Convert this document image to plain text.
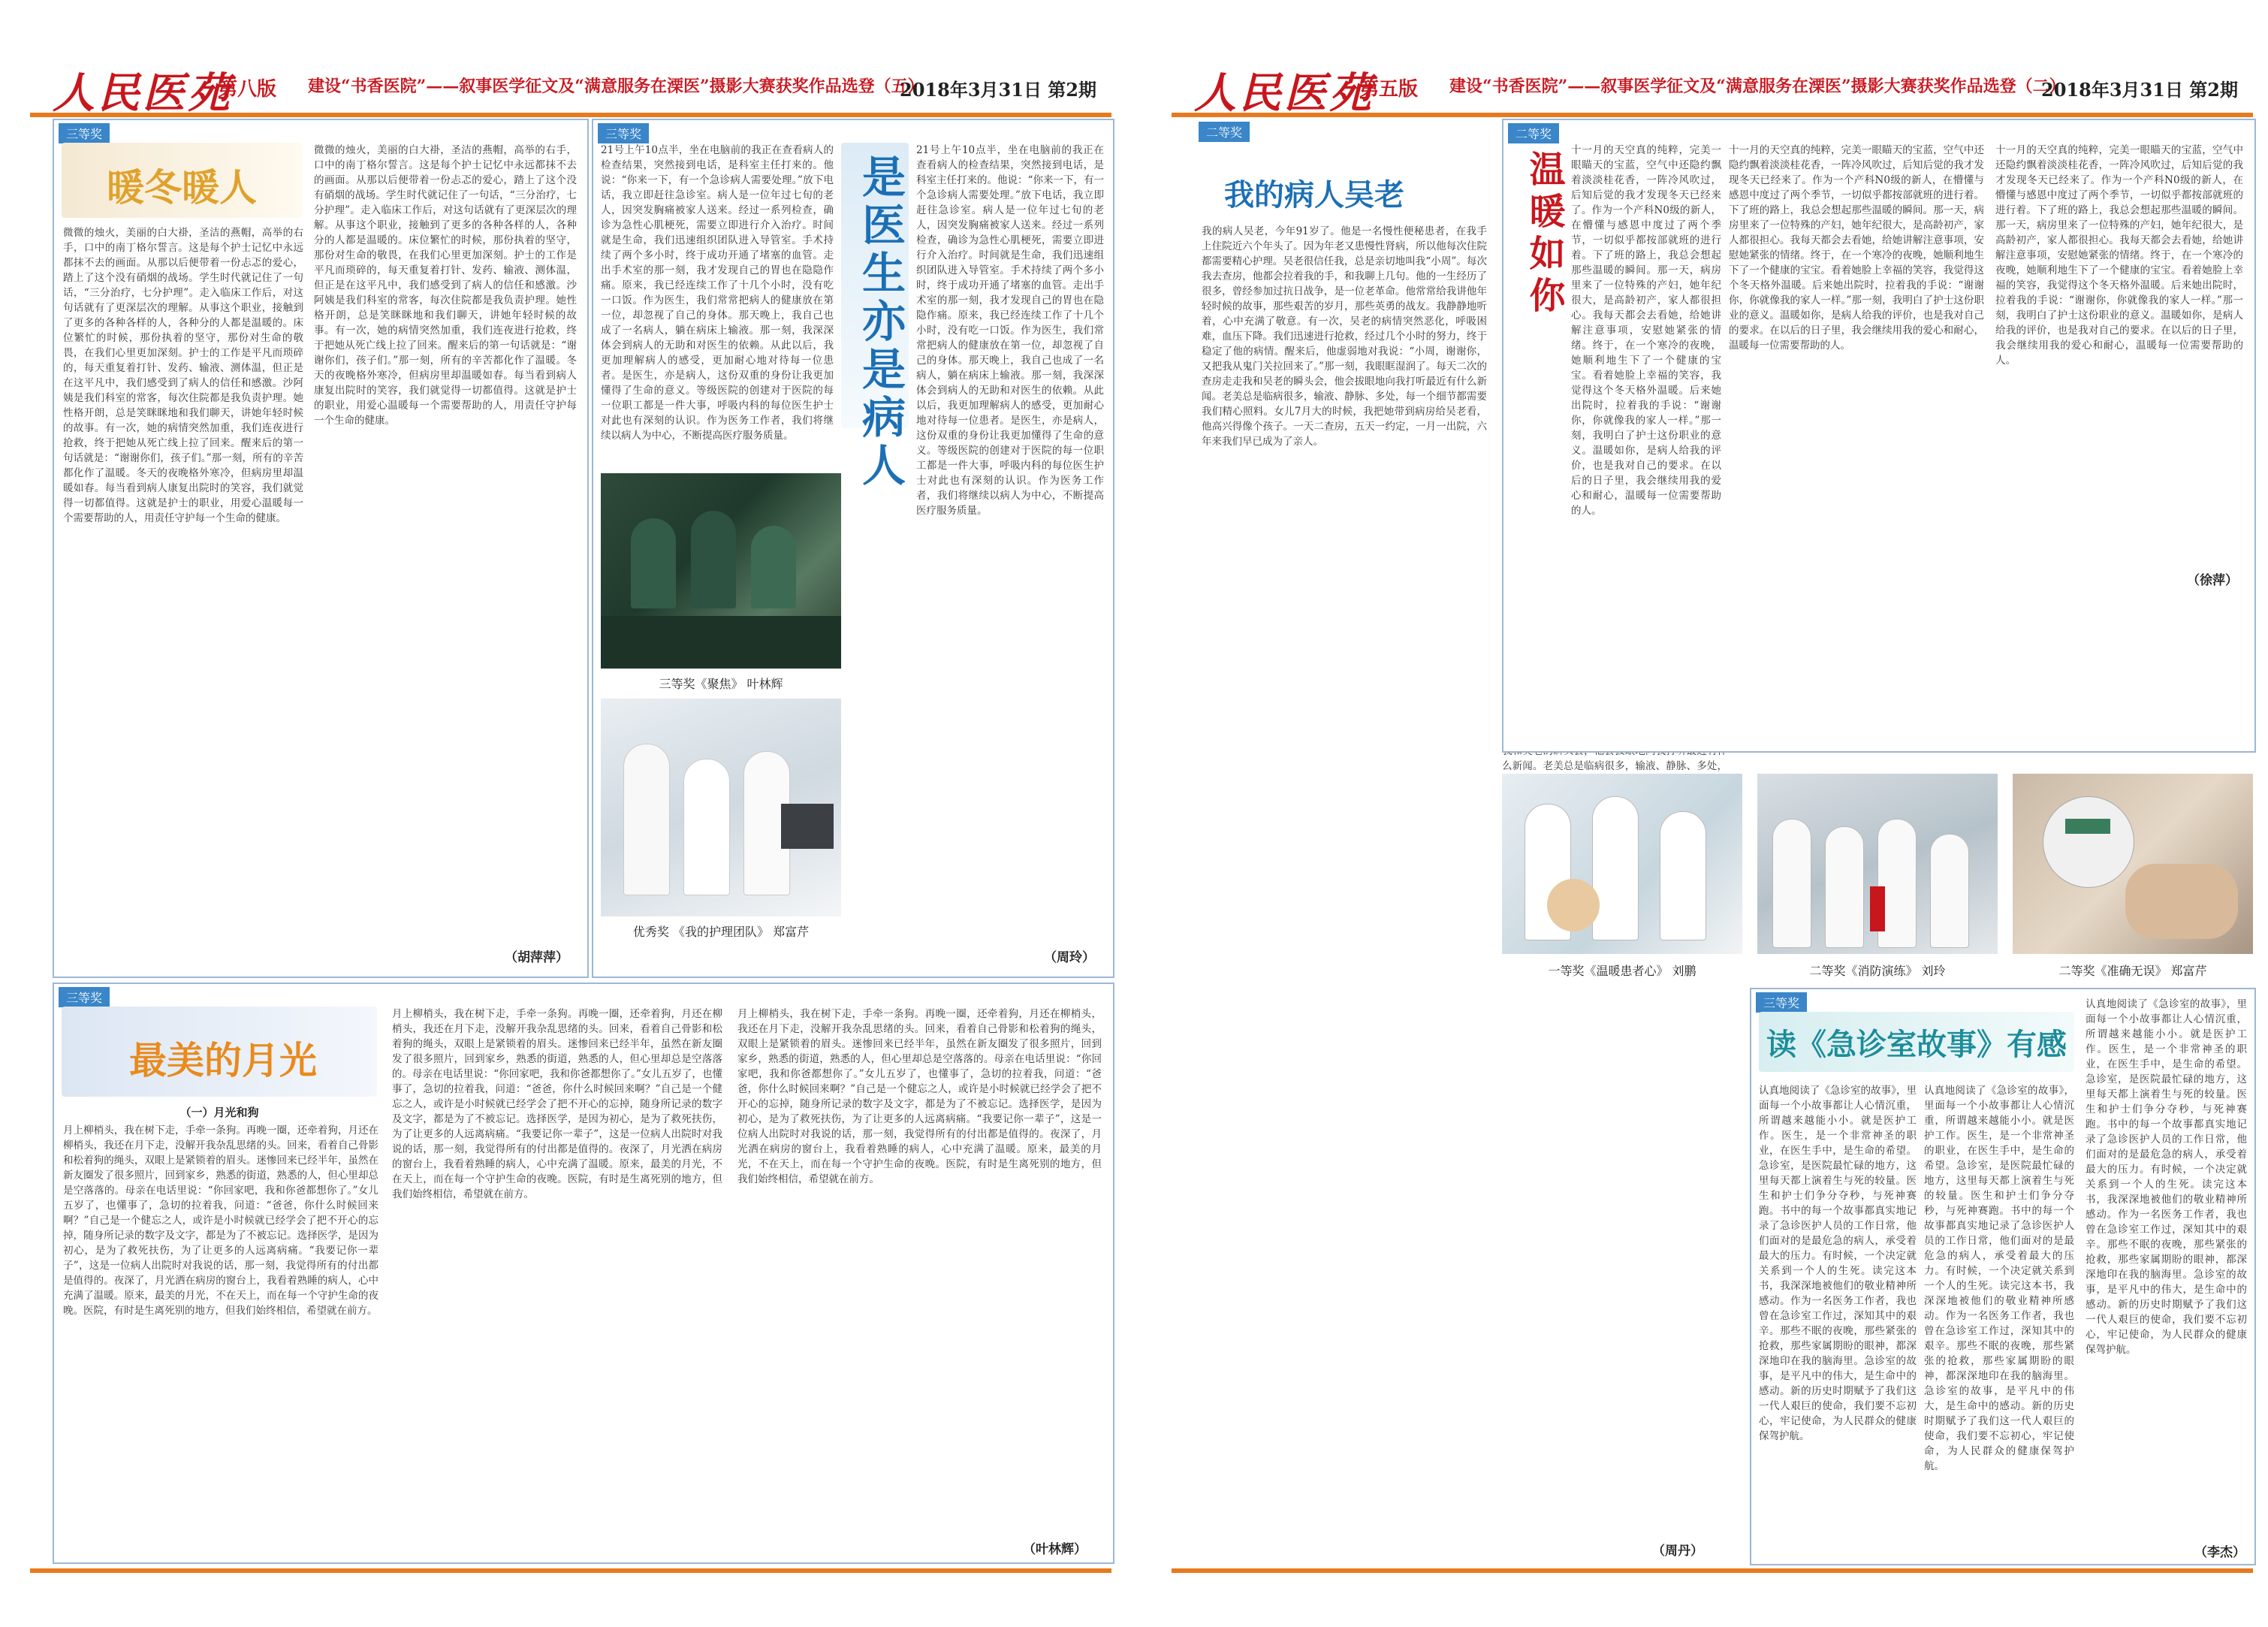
人民医苑
第八版 建设“书香医院”——叙事医学征文及“满意服务在溧医”摄影大赛获奖作品选登（五）
2018年3月31日 第2期
三等奖
暖冬暖人
微微的烛火，美丽的白大褂，圣洁的燕帽，高举的右手，口中的南丁格尔誓言。这是每个护士记忆中永远都抹不去的画面。从那以后便带着一份忐忑的爱心，踏上了这个没有硝烟的战场。学生时代就记住了一句话，“三分治疗，七分护理”。走入临床工作后，对这句话就有了更深层次的理解。从事这个职业，接触到了更多的各种各样的人，各种分的人都是温暖的。床位繁忙的时候，那份执着的坚守，那份对生命的敬畏，在我们心里更加深刻。护士的工作是平凡而琐碎的，每天重复着打针、发药、输液、测体温，但正是在这平凡中，我们感受到了病人的信任和感激。沙阿姨是我们科室的常客，每次住院都是我负责护理。她性格开朗，总是笑眯眯地和我们聊天，讲她年轻时候的故事。有一次，她的病情突然加重，我们连夜进行抢救，终于把她从死亡线上拉了回来。醒来后的第一句话就是：“谢谢你们，孩子们。”那一刻，所有的辛苦都化作了温暖。冬天的夜晚格外寒冷，但病房里却温暖如春。每当看到病人康复出院时的笑容，我们就觉得一切都值得。这就是护士的职业，用爱心温暖每一个需要帮助的人，用责任守护每一个生命的健康。
微微的烛火，美丽的白大褂，圣洁的燕帽，高举的右手，口中的南丁格尔誓言。这是每个护士记忆中永远都抹不去的画面。从那以后便带着一份忐忑的爱心，踏上了这个没有硝烟的战场。学生时代就记住了一句话，“三分治疗，七分护理”。走入临床工作后，对这句话就有了更深层次的理解。从事这个职业，接触到了更多的各种各样的人，各种分的人都是温暖的。床位繁忙的时候，那份执着的坚守，那份对生命的敬畏，在我们心里更加深刻。护士的工作是平凡而琐碎的，每天重复着打针、发药、输液、测体温，但正是在这平凡中，我们感受到了病人的信任和感激。沙阿姨是我们科室的常客，每次住院都是我负责护理。她性格开朗，总是笑眯眯地和我们聊天，讲她年轻时候的故事。有一次，她的病情突然加重，我们连夜进行抢救，终于把她从死亡线上拉了回来。醒来后的第一句话就是：“谢谢你们，孩子们。”那一刻，所有的辛苦都化作了温暖。冬天的夜晚格外寒冷，但病房里却温暖如春。每当看到病人康复出院时的笑容，我们就觉得一切都值得。这就是护士的职业，用爱心温暖每一个需要帮助的人，用责任守护每一个生命的健康。
（胡萍萍）
三等奖
是医生亦是病人
21号上午10点半，坐在电脑前的我正在查看病人的检查结果，突然接到电话，是科室主任打来的。他说：“你来一下，有一个急诊病人需要处理。”放下电话，我立即赶往急诊室。病人是一位年过七旬的老人，因突发胸痛被家人送来。经过一系列检查，确诊为急性心肌梗死，需要立即进行介入治疗。时间就是生命，我们迅速组织团队进入导管室。手术持续了两个多小时，终于成功开通了堵塞的血管。走出手术室的那一刻，我才发现自己的胃也在隐隐作痛。原来，我已经连续工作了十几个小时，没有吃一口饭。作为医生，我们常常把病人的健康放在第一位，却忽视了自己的身体。那天晚上，我自己也成了一名病人，躺在病床上输液。那一刻，我深深体会到病人的无助和对医生的依赖。从此以后，我更加理解病人的感受，更加耐心地对待每一位患者。是医生，亦是病人，这份双重的身份让我更加懂得了生命的意义。等级医院的创建对于医院的每一位职工都是一件大事，呼吸内科的每位医生护士对此也有深刻的认识。作为医务工作者，我们将继续以病人为中心，不断提高医疗服务质量。
21号上午10点半，坐在电脑前的我正在查看病人的检查结果，突然接到电话，是科室主任打来的。他说：“你来一下，有一个急诊病人需要处理。”放下电话，我立即赶往急诊室。病人是一位年过七旬的老人，因突发胸痛被家人送来。经过一系列检查，确诊为急性心肌梗死，需要立即进行介入治疗。时间就是生命，我们迅速组织团队进入导管室。手术持续了两个多小时，终于成功开通了堵塞的血管。走出手术室的那一刻，我才发现自己的胃也在隐隐作痛。原来，我已经连续工作了十几个小时，没有吃一口饭。作为医生，我们常常把病人的健康放在第一位，却忽视了自己的身体。那天晚上，我自己也成了一名病人，躺在病床上输液。那一刻，我深深体会到病人的无助和对医生的依赖。从此以后，我更加理解病人的感受，更加耐心地对待每一位患者。是医生，亦是病人，这份双重的身份让我更加懂得了生命的意义。等级医院的创建对于医院的每一位职工都是一件大事，呼吸内科的每位医生护士对此也有深刻的认识。作为医务工作者，我们将继续以病人为中心，不断提高医疗服务质量。
三等奖《聚焦》 叶林辉
优秀奖 《我的护理团队》 郑富芹
（周玲）
三等奖
最美的月光
（一）月光和狗
月上柳梢头，我在树下走，手牵一条狗。再晚一圈，还牵着狗，月还在柳梢头，我还在月下走，没解开我杂乱思绪的头。回来，看着自己骨影和松着狗的绳头，双眼上是紧锁着的眉头。迷惨回来已经半年，虽然在新友圈发了很多照片，回到家乡，熟悉的街道，熟悉的人，但心里却总是空落落的。母亲在电话里说：“你回家吧，我和你爸都想你了。”女儿五岁了，也懂事了，急切的拉着我，问道：“爸爸，你什么时候回来啊？”自己是一个健忘之人，或许是小时候就已经学会了把不开心的忘掉，随身所记录的数字及文字，都是为了不被忘记。选择医学，是因为初心，是为了救死扶伤，为了让更多的人远离病痛。“我要记你一辈子”，这是一位病人出院时对我说的话，那一刻，我觉得所有的付出都是值得的。夜深了，月光洒在病房的窗台上，我看着熟睡的病人，心中充满了温暖。原来，最美的月光，不在天上，而在每一个守护生命的夜晚。医院，有时是生离死别的地方，但我们始终相信，希望就在前方。
月上柳梢头，我在树下走，手牵一条狗。再晚一圈，还牵着狗，月还在柳梢头，我还在月下走，没解开我杂乱思绪的头。回来，看着自己骨影和松着狗的绳头，双眼上是紧锁着的眉头。迷惨回来已经半年，虽然在新友圈发了很多照片，回到家乡，熟悉的街道，熟悉的人，但心里却总是空落落的。母亲在电话里说：“你回家吧，我和你爸都想你了。”女儿五岁了，也懂事了，急切的拉着我，问道：“爸爸，你什么时候回来啊？”自己是一个健忘之人，或许是小时候就已经学会了把不开心的忘掉，随身所记录的数字及文字，都是为了不被忘记。选择医学，是因为初心，是为了救死扶伤，为了让更多的人远离病痛。“我要记你一辈子”，这是一位病人出院时对我说的话，那一刻，我觉得所有的付出都是值得的。夜深了，月光洒在病房的窗台上，我看着熟睡的病人，心中充满了温暖。原来，最美的月光，不在天上，而在每一个守护生命的夜晚。医院，有时是生离死别的地方，但我们始终相信，希望就在前方。
月上柳梢头，我在树下走，手牵一条狗。再晚一圈，还牵着狗，月还在柳梢头，我还在月下走，没解开我杂乱思绪的头。回来，看着自己骨影和松着狗的绳头，双眼上是紧锁着的眉头。迷惨回来已经半年，虽然在新友圈发了很多照片，回到家乡，熟悉的街道，熟悉的人，但心里却总是空落落的。母亲在电话里说：“你回家吧，我和你爸都想你了。”女儿五岁了，也懂事了，急切的拉着我，问道：“爸爸，你什么时候回来啊？”自己是一个健忘之人，或许是小时候就已经学会了把不开心的忘掉，随身所记录的数字及文字，都是为了不被忘记。选择医学，是因为初心，是为了救死扶伤，为了让更多的人远离病痛。“我要记你一辈子”，这是一位病人出院时对我说的话，那一刻，我觉得所有的付出都是值得的。夜深了，月光洒在病房的窗台上，我看着熟睡的病人，心中充满了温暖。原来，最美的月光，不在天上，而在每一个守护生命的夜晚。医院，有时是生离死别的地方，但我们始终相信，希望就在前方。
（叶林辉）
人民医苑
第五版 建设“书香医院”——叙事医学征文及“满意服务在溧医”摄影大赛获奖作品选登（二）
2018年3月31日 第2期
二等奖
我的病人吴老
我的病人吴老，今年91岁了。他是一名慢性便秘患者，在我手上住院近六个年头了。因为年老又患慢性肾病，所以他每次住院都需要精心护理。吴老很信任我，总是亲切地叫我“小周”。每次我去查房，他都会拉着我的手，和我聊上几句。他的一生经历了很多，曾经参加过抗日战争，是一位老革命。他常常给我讲他年轻时候的故事，那些艰苦的岁月，那些英勇的战友。我静静地听着，心中充满了敬意。有一次，吴老的病情突然恶化，呼吸困难，血压下降。我们迅速进行抢救，经过几个小时的努力，终于稳定了他的病情。醒来后，他虚弱地对我说：“小周，谢谢你，又把我从鬼门关拉回来了。”那一刻，我眼眶湿润了。每天二次的查房走走我和吴老的瞬头会，他会拔眼地向我打听最近有什么新闻。老美总是临病很多，输液、静脉、多处，每一个细节都需要我们精心照料。女儿7月大的时候，我把她带到病房给吴老看，他高兴得像个孩子。一天二查房，五天一约定，一月一出院，六年来我们早已成为了亲人。
么新闻。老美总是临病很多，输液、静脉、多处，
（周丹）
二等奖
温暖如你 十一月的天空真的纯粹，完美一眼瞄天的宝蓝，空气中还隐约飘着淡淡桂花香，一阵冷风吹过，后知后觉的我才发现冬天已经来了。作为一个产科N0级的新人，在懵懂与感恩中度过了两个季节，一切似乎都按部就班的进行着。下了班的路上，我总会想起那些温暖的瞬间。那一天，病房里来了一位特殊的产妇，她年纪很大，是高龄初产，家人都很担心。我每天都会去看她，给她讲解注意事项，安慰她紧张的情绪。终于，在一个寒冷的夜晚，她顺利地生下了一个健康的宝宝。看着她脸上幸福的笑容，我觉得这个冬天格外温暖。后来她出院时，拉着我的手说：“谢谢你，你就像我的家人一样。”那一刻，我明白了护士这份职业的意义。温暖如你，是病人给我的评价，也是我对自己的要求。在以后的日子里，我会继续用我的爱心和耐心，温暖每一位需要帮助的人。
十一月的天空真的纯粹，完美一眼瞄天的宝蓝，空气中还隐约飘着淡淡桂花香，一阵冷风吹过，后知后觉的我才发现冬天已经来了。作为一个产科N0级的新人，在懵懂与感恩中度过了两个季节，一切似乎都按部就班的进行着。下了班的路上，我总会想起那些温暖的瞬间。那一天，病房里来了一位特殊的产妇，她年纪很大，是高龄初产，家人都很担心。我每天都会去看她，给她讲解注意事项，安慰她紧张的情绪。终于，在一个寒冷的夜晚，她顺利地生下了一个健康的宝宝。看着她脸上幸福的笑容，我觉得这个冬天格外温暖。后来她出院时，拉着我的手说：“谢谢你，你就像我的家人一样。”那一刻，我明白了护士这份职业的意义。温暖如你，是病人给我的评价，也是我对自己的要求。在以后的日子里，我会继续用我的爱心和耐心，温暖每一位需要帮助的人。
十一月的天空真的纯粹，完美一眼瞄天的宝蓝，空气中还隐约飘着淡淡桂花香，一阵冷风吹过，后知后觉的我才发现冬天已经来了。作为一个产科N0级的新人，在懵懂与感恩中度过了两个季节，一切似乎都按部就班的进行着。下了班的路上，我总会想起那些温暖的瞬间。那一天，病房里来了一位特殊的产妇，她年纪很大，是高龄初产，家人都很担心。我每天都会去看她，给她讲解注意事项，安慰她紧张的情绪。终于，在一个寒冷的夜晚，她顺利地生下了一个健康的宝宝。看着她脸上幸福的笑容，我觉得这个冬天格外温暖。后来她出院时，拉着我的手说：“谢谢你，你就像我的家人一样。”那一刻，我明白了护士这份职业的意义。温暖如你，是病人给我的评价，也是我对自己的要求。在以后的日子里，我会继续用我的爱心和耐心，温暖每一位需要帮助的人。
（徐萍）
一等奖《温暖患者心》 刘鹏	二等奖《消防演练》 刘玲	二等奖《准确无误》 郑富芹
三等奖
读《急诊室故事》有感
认真地阅读了《急诊室的故事》，里面每一个小故事都让人心情沉重，所谓越来越能小小。就是医护工作。医生，是一个非常神圣的职业，在医生手中，是生命的希望。急诊室，是医院最忙碌的地方，这里每天都上演着生与死的较量。医生和护士们争分夺秒，与死神赛跑。书中的每一个故事都真实地记录了急诊医护人员的工作日常，他们面对的是最危急的病人，承受着最大的压力。有时候，一个决定就关系到一个人的生死。读完这本书，我深深地被他们的敬业精神所感动。作为一名医务工作者，我也曾在急诊室工作过，深知其中的艰辛。那些不眠的夜晚，那些紧张的抢救，那些家属期盼的眼神，都深深地印在我的脑海里。急诊室的故事，是平凡中的伟大，是生命中的感动。新的历史时期赋予了我们这一代人艰巨的使命，我们要不忘初心，牢记使命，为人民群众的健康保驾护航。
认真地阅读了《急诊室的故事》，里面每一个小故事都让人心情沉重，所谓越来越能小小。就是医护工作。医生，是一个非常神圣的职业，在医生手中，是生命的希望。急诊室，是医院最忙碌的地方，这里每天都上演着生与死的较量。医生和护士们争分夺秒，与死神赛跑。书中的每一个故事都真实地记录了急诊医护人员的工作日常，他们面对的是最危急的病人，承受着最大的压力。有时候，一个决定就关系到一个人的生死。读完这本书，我深深地被他们的敬业精神所感动。作为一名医务工作者，我也曾在急诊室工作过，深知其中的艰辛。那些不眠的夜晚，那些紧张的抢救，那些家属期盼的眼神，都深深地印在我的脑海里。急诊室的故事，是平凡中的伟大，是生命中的感动。新的历史时期赋予了我们这一代人艰巨的使命，我们要不忘初心，牢记使命，为人民群众的健康保驾护航。
认真地阅读了《急诊室的故事》，里面每一个小故事都让人心情沉重，所谓越来越能小小。就是医护工作。医生，是一个非常神圣的职业，在医生手中，是生命的希望。急诊室，是医院最忙碌的地方，这里每天都上演着生与死的较量。医生和护士们争分夺秒，与死神赛跑。书中的每一个故事都真实地记录了急诊医护人员的工作日常，他们面对的是最危急的病人，承受着最大的压力。有时候，一个决定就关系到一个人的生死。读完这本书，我深深地被他们的敬业精神所感动。作为一名医务工作者，我也曾在急诊室工作过，深知其中的艰辛。那些不眠的夜晚，那些紧张的抢救，那些家属期盼的眼神，都深深地印在我的脑海里。急诊室的故事，是平凡中的伟大，是生命中的感动。新的历史时期赋予了我们这一代人艰巨的使命，我们要不忘初心，牢记使命，为人民群众的健康保驾护航。
（李杰）
